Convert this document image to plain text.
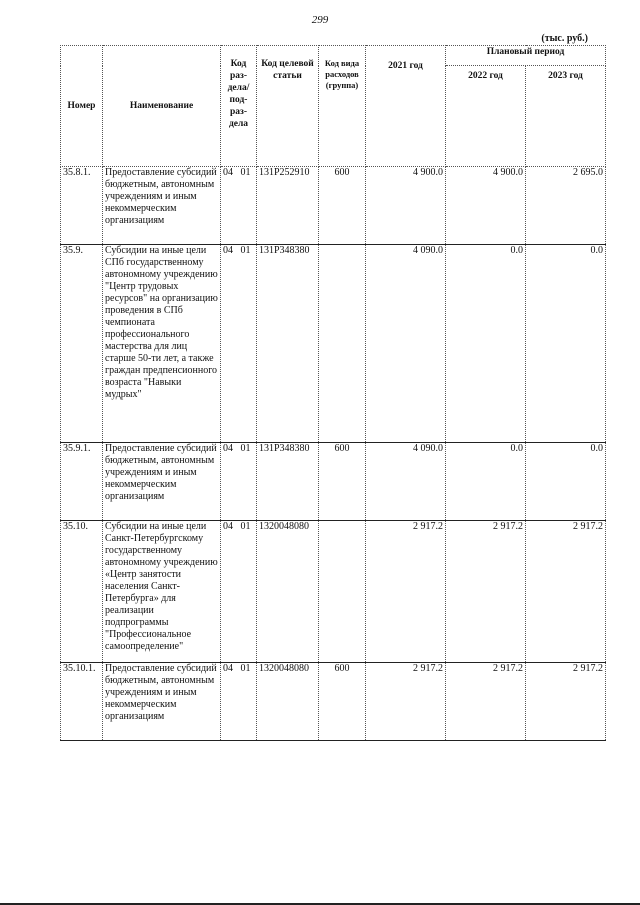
299
(тыс. руб.)
Номер	Наименование	Код раз- дела/ под- раз- дела	Код целевой статьи	Код вида расходов (группа)	2021 год	Плановый период	
						2022 год	2023 год
35.8.1.	Предоставление субсидий бюджетным, автономным учреждениям и иным некоммерческим организациям	04 01	131P252910	600	4 900.0	4 900.0	2 695.0
35.9.	Субсидии на иные цели СПб государственному автономному учреждению "Центр трудовых ресурсов" на организацию проведения в СПб чемпионата профессионального мастерства для лиц старше 50-ти лет, а также граждан предпенсионного возраста "Навыки мудрых"	04 01	131P348380		4 090.0	0.0	0.0
35.9.1.	Предоставление субсидий бюджетным, автономным учреждениям и иным некоммерческим организациям	04 01	131P348380	600	4 090.0	0.0	0.0
35.10.	Субсидии на иные цели Санкт-Петербургскому государственному автономному учреждению «Центр занятости населения Санкт-Петербурга» для реализации подпрограммы "Профессиональное самоопределение"	04 01	1320048080		2 917.2	2 917.2	2 917.2
35.10.1.	Предоставление субсидий бюджетным, автономным учреждениям и иным некоммерческим организациям	04 01	1320048080	600	2 917.2	2 917.2	2 917.2
